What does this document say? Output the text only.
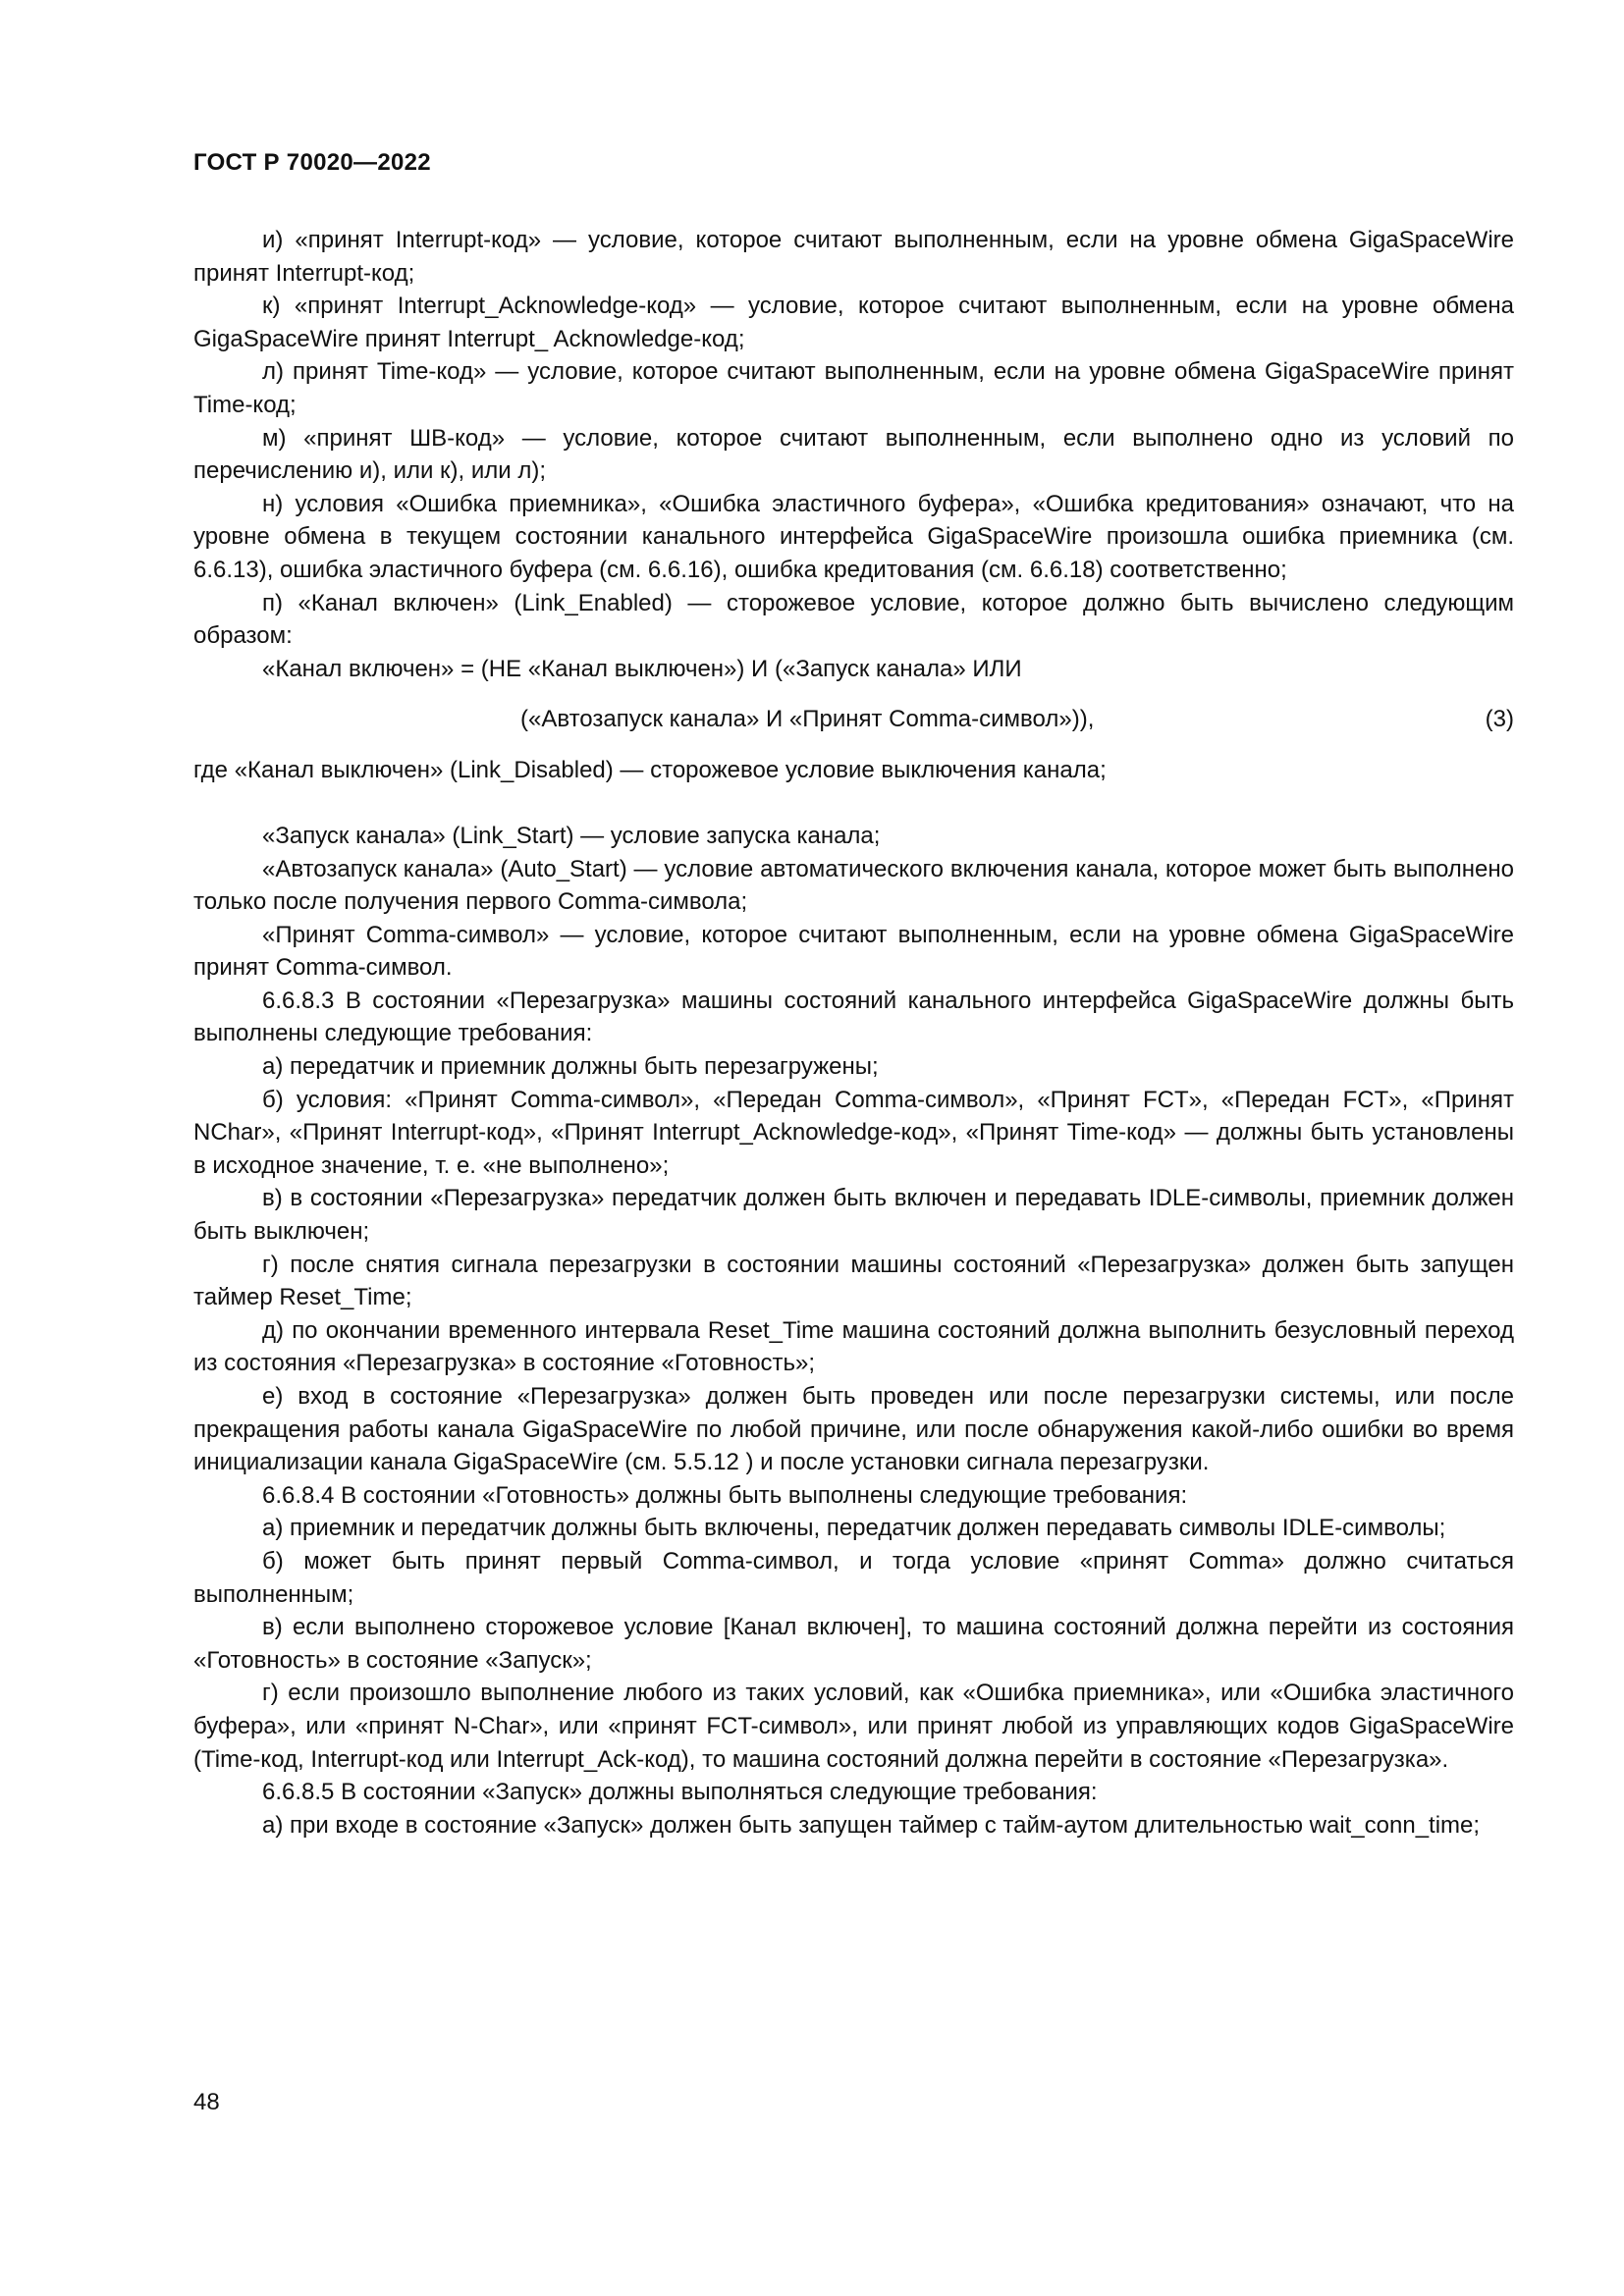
ГОСТ Р 70020—2022

и) «принят Interrupt-код» — условие, которое считают выполненным, если на уровне обмена GigaSpaceWire принят Interrupt-код;

к) «принят Interrupt_Acknowledge-код» — условие, которое считают выполненным, если на уровне обмена GigaSpaceWire принят Interrupt_ Acknowledge-код;

л) принят Time-код» — условие, которое считают выполненным, если на уровне обмена GigaSpaceWire принят Time-код;

м) «принят ШВ-код» — условие, которое считают выполненным, если выполнено одно из условий по перечислению и), или к), или л);

н) условия «Ошибка приемника», «Ошибка эластичного буфера», «Ошибка кредитования» означают, что на уровне обмена в текущем состоянии канального интерфейса GigaSpaceWire произошла ошибка приемника (см. 6.6.13), ошибка эластичного буфера (см. 6.6.16), ошибка кредитования (см. 6.6.18) соответственно;

п) «Канал включен» (Link_Enabled) — сторожевое условие, которое должно быть вычислено следующим образом:

«Канал включен» = (НЕ «Канал выключен») И («Запуск канала» ИЛИ

(«Автозапуск канала» И «Принят Comma-символ»)),	(3)

где «Канал выключен» (Link_Disabled) — сторожевое условие выключения канала;

«Запуск канала» (Link_Start) — условие запуска канала;

«Автозапуск канала» (Auto_Start) — условие автоматического включения канала, которое может быть выполнено только после получения первого Comma-символа;

«Принят Comma-символ» — условие, которое считают выполненным, если на уровне обмена GigaSpaceWire принят Comma-символ.

6.6.8.3 В состоянии «Перезагрузка» машины состояний канального интерфейса GigaSpaceWire должны быть выполнены следующие требования:

а) передатчик и приемник должны быть перезагружены;

б) условия: «Принят Comma-символ», «Передан Comma-символ», «Принят FCT», «Передан FCT», «Принят NChar», «Принят Interrupt-код», «Принят Interrupt_Acknowledge-код», «Принят Time-код» — должны быть установлены в исходное значение, т. е. «не выполнено»;

в) в состоянии «Перезагрузка» передатчик должен быть включен и передавать IDLE-символы, приемник должен быть выключен;

г) после снятия сигнала перезагрузки в состоянии машины состояний «Перезагрузка» должен быть запущен таймер Reset_Time;

д) по окончании временного интервала Reset_Time машина состояний должна выполнить безусловный переход из состояния «Перезагрузка» в состояние «Готовность»;

е) вход в состояние «Перезагрузка» должен быть проведен или после перезагрузки системы, или после прекращения работы канала GigaSpaceWire по любой причине, или после обнаружения какой-либо ошибки во время инициализации канала GigaSpaceWire (см. 5.5.12 ) и после установки сигнала перезагрузки.

6.6.8.4 В состоянии «Готовность» должны быть выполнены следующие требования:

а) приемник и передатчик должны быть включены, передатчик должен передавать символы IDLE-символы;

б) может быть принят первый Comma-символ, и тогда условие «принят Comma» должно считаться выполненным;

в) если выполнено сторожевое условие [Канал включен], то машина состояний должна перейти из состояния «Готовность» в состояние «Запуск»;

г) если произошло выполнение любого из таких условий, как «Ошибка приемника», или «Ошибка эластичного буфера», или «принят N-Char», или «принят FCT-символ», или принят любой из управляющих кодов GigaSpaceWire (Time-код, Interrupt-код или Interrupt_Ack-код), то машина состояний должна перейти в состояние «Перезагрузка».

6.6.8.5 В состоянии «Запуск» должны выполняться следующие требования:

а) при входе в состояние «Запуск» должен быть запущен таймер с тайм-аутом длительностью wait_conn_time;

48
